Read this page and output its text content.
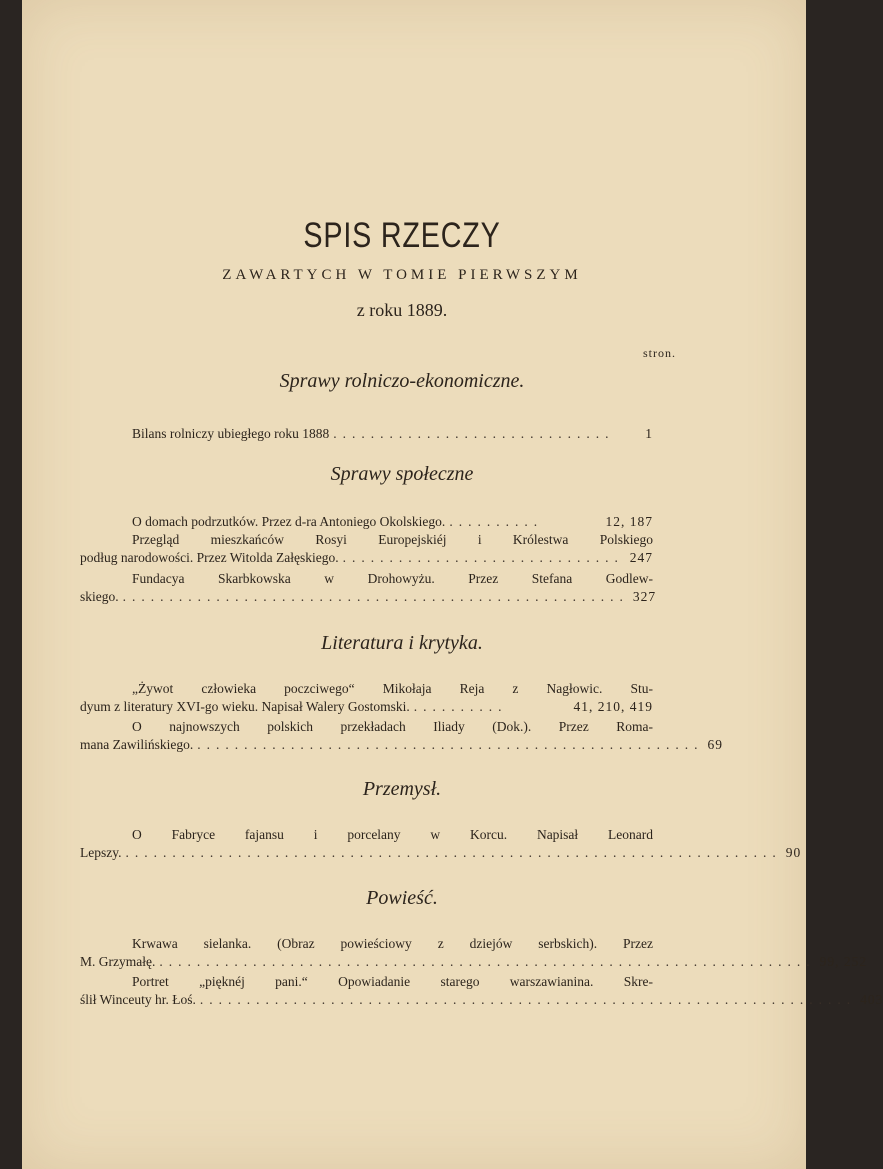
SPIS RZECZY
ZAWARTYCH W TOMIE PIERWSZYM
z roku 1889.
stron.
Sprawy rolniczo-ekonomiczne.
Bilans rolniczy ubiegłego roku 1888 ..............................	1
Sprawy społeczne
O domach podrzutków. Przez d-ra Antoniego Okolskiego. ..........	12, 187
Przegląd mieszkańców Rosyi Europejskiéj i Królestwa Polskiego
podług narodowości. Przez Witolda Załęskiego. .............................. 247
Fundacya Skarbkowska w Drohowyżu. Przez Stefana Godlew-
skiego. ...................................................... 327
Literatura i krytyka.
„Żywot człowieka poczciwego“ Mikołaja Reja z Nagłowic. Stu-
dyum z literatury XVI-go wieku. Napisał Walery Gostomski. ..........	41, 210, 419
O najnowszych polskich przekładach Iliady (Dok.). Przez Roma-
mana Zawilińskiego. ...................................................... 69
Przemysł.
O Fabryce fajansu i porcelany w Korcu. Napisał Leonard
Lepszy. ...................................................................... 90
Powieść.
Krwawa sielanka. (Obraz powieściowy z dziejów serbskich). Przez
M. Grzymałę. ...................................................................... 99, 252
Portret „pięknéj pani.“ Opowiadanie starego warszawianina. Skre-
ślił Winceuty hr. Łoś. ...................................................................... 403
